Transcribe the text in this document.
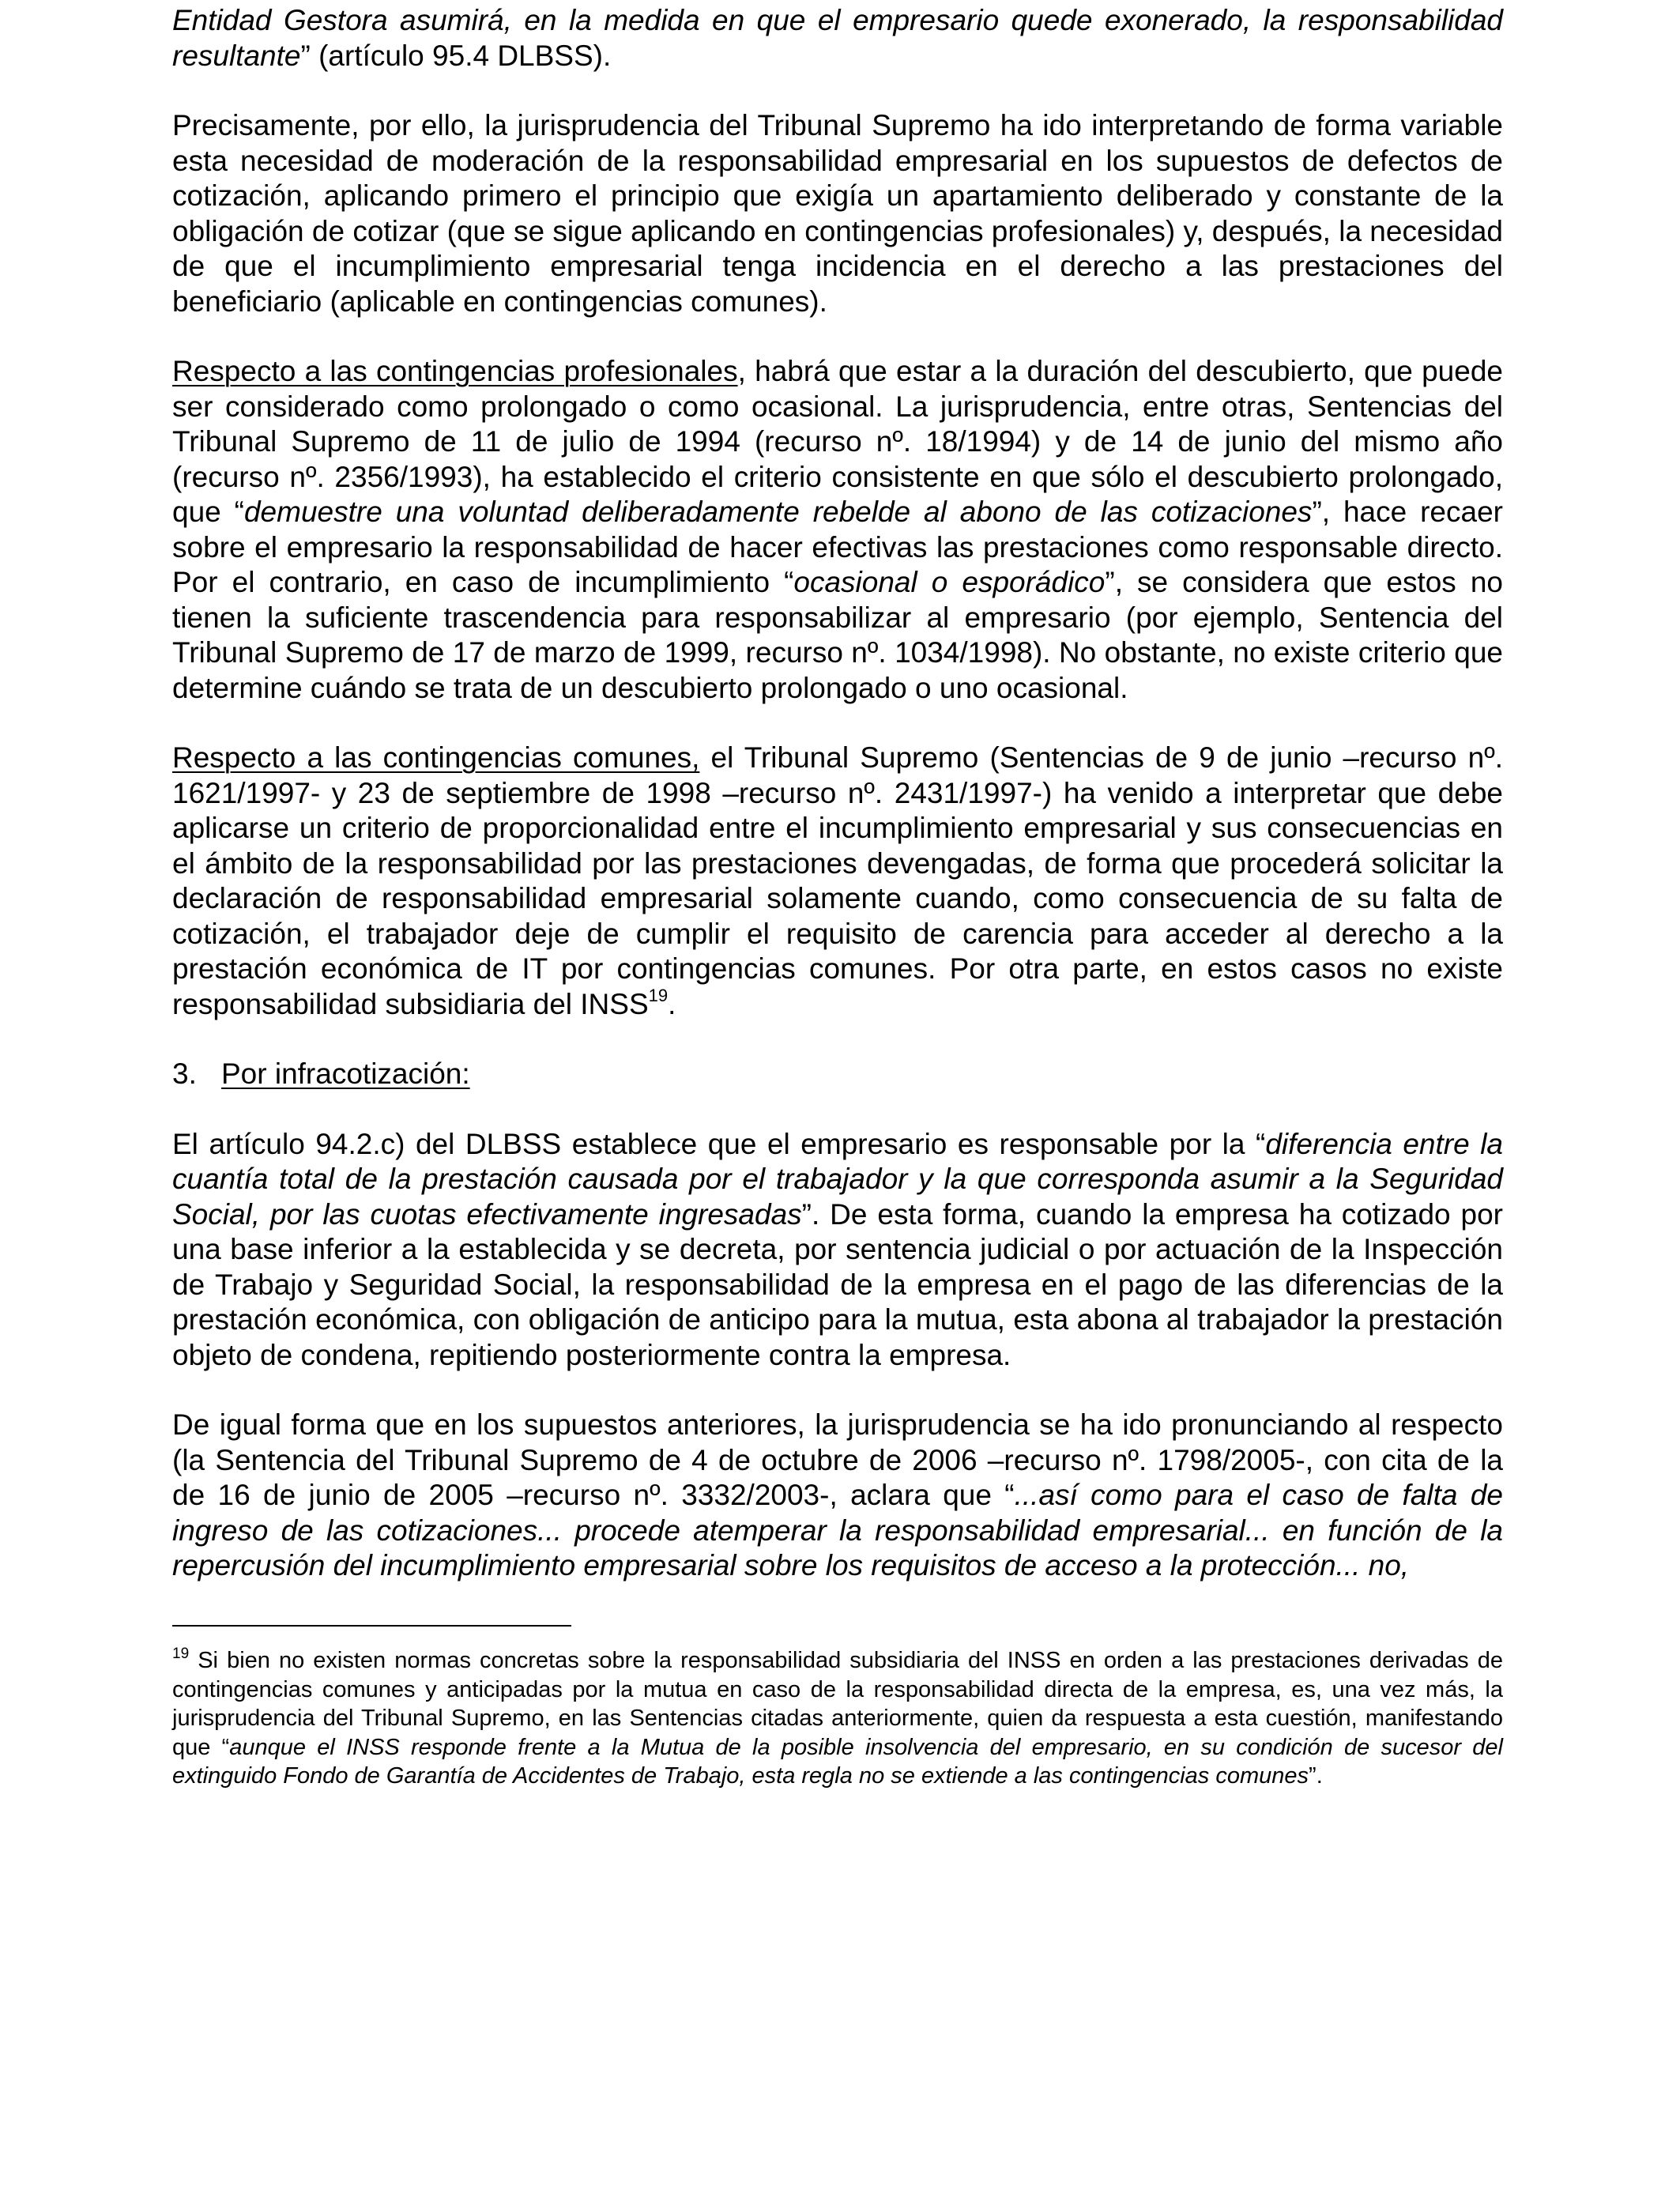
Entidad Gestora asumirá, en la medida en que el empresario quede exonerado, la responsabilidad resultante” (artículo 95.4 DLBSS).

Precisamente, por ello, la jurisprudencia del Tribunal Supremo ha ido interpretando de forma variable esta necesidad de moderación de la responsabilidad empresarial en los supuestos de defectos de cotización, aplicando primero el principio que exigía un apartamiento deliberado y constante de la obligación de cotizar (que se sigue aplicando en contingencias profesionales) y, después, la necesidad de que el incumplimiento empresarial tenga incidencia en el derecho a las prestaciones del beneficiario (aplicable en contingencias comunes).

Respecto a las contingencias profesionales, habrá que estar a la duración del descubierto, que puede ser considerado como prolongado o como ocasional. La jurisprudencia, entre otras, Sentencias del Tribunal Supremo de 11 de julio de 1994 (recurso nº. 18/1994) y de 14 de junio del mismo año (recurso nº. 2356/1993), ha establecido el criterio consistente en que sólo el descubierto prolongado, que “demuestre una voluntad deliberadamente rebelde al abono de las cotizaciones”, hace recaer sobre el empresario la responsabilidad de hacer efectivas las prestaciones como responsable directo. Por el contrario, en caso de incumplimiento “ocasional o esporádico”, se considera que estos no tienen la suficiente trascendencia para responsabilizar al empresario (por ejemplo, Sentencia del Tribunal Supremo de 17 de marzo de 1999, recurso nº. 1034/1998). No obstante, no existe criterio que determine cuándo se trata de un descubierto prolongado o uno ocasional.

Respecto a las contingencias comunes, el Tribunal Supremo (Sentencias de 9 de junio –recurso nº. 1621/1997- y 23 de septiembre de 1998 –recurso nº. 2431/1997-) ha venido a interpretar que debe aplicarse un criterio de proporcionalidad entre el incumplimiento empresarial y sus consecuencias en el ámbito de la responsabilidad por las prestaciones devengadas, de forma que procederá solicitar la declaración de responsabilidad empresarial solamente cuando, como consecuencia de su falta de cotización, el trabajador deje de cumplir el requisito de carencia para acceder al derecho a la prestación económica de IT por contingencias comunes. Por otra parte, en estos casos no existe responsabilidad subsidiaria del INSS$^{19}$.

3. Por infracotización:

El artículo 94.2.c) del DLBSS establece que el empresario es responsable por la “diferencia entre la cuantía total de la prestación causada por el trabajador y la que corresponda asumir a la Seguridad Social, por las cuotas efectivamente ingresadas”. De esta forma, cuando la empresa ha cotizado por una base inferior a la establecida y se decreta, por sentencia judicial o por actuación de la Inspección de Trabajo y Seguridad Social, la responsabilidad de la empresa en el pago de las diferencias de la prestación económica, con obligación de anticipo para la mutua, esta abona al trabajador la prestación objeto de condena, repitiendo posteriormente contra la empresa.

De igual forma que en los supuestos anteriores, la jurisprudencia se ha ido pronunciando al respecto (la Sentencia del Tribunal Supremo de 4 de octubre de 2006 –recurso nº. 1798/2005-, con cita de la de 16 de junio de 2005 –recurso nº. 3332/2003-, aclara que “...así como para el caso de falta de ingreso de las cotizaciones... procede atemperar la responsabilidad empresarial... en función de la repercusión del incumplimiento empresarial sobre los requisitos de acceso a la protección... no,

$^{19}$ Si bien no existen normas concretas sobre la responsabilidad subsidiaria del INSS en orden a las prestaciones derivadas de contingencias comunes y anticipadas por la mutua en caso de la responsabilidad directa de la empresa, es, una vez más, la jurisprudencia del Tribunal Supremo, en las Sentencias citadas anteriormente, quien da respuesta a esta cuestión, manifestando que “aunque el INSS responde frente a la Mutua de la posible insolvencia del empresario, en su condición de sucesor del extinguido Fondo de Garantía de Accidentes de Trabajo, esta regla no se extiende a las contingencias comunes”.
